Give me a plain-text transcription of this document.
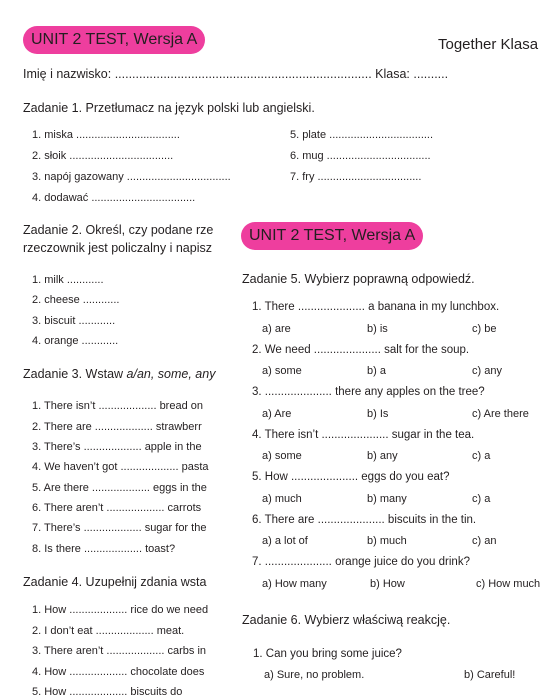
UNIT 2 TEST, Wersja A	Together Klasa
Imię i nazwisko: .......................................................................... Klasa: ..........
Zadanie 1. Przetłumacz na język polski lub angielski.
1. miska ..................................
2. słoik ..................................
3. napój gazowany ..................................
4. dodawać ..................................
5. plate ..................................
6. mug ..................................
7. fry ..................................
Zadanie 2. Określ, czy podane rze
rzeczownik jest policzalny i napisz
1. milk ............
2. cheese ............
3. biscuit ............
4. orange ............
Zadanie 3. Wstaw a/an, some, any
1. There isn’t ................... bread on
2. There are ................... strawberr
3. There’s ................... apple in the
4. We haven’t got ................... pasta
5. Are there ................... eggs in the
6. There aren’t ................... carrots
7. There’s ................... sugar for the
8. Is there ................... toast?
Zadanie 4. Uzupełnij zdania wsta
1. How ................... rice do we need
2. I don’t eat ................... meat.
3. There aren’t ................... carbs in
4. How ................... chocolate does
5. How ................... biscuits do
UNIT 2 TEST, Wersja A
Zadanie 5. Wybierz poprawną odpowiedź.
1. There ..................... a banana in my lunchbox.
a) are	b) is	c) be
2. We need ..................... salt for the soup.
a) some	b) a	c) any
3. ..................... there any apples on the tree?
a) Are	b) Is	c) Are there
4. There isn’t ..................... sugar in the tea.
a) some	b) any	c) a
5. How ..................... eggs do you eat?
a) much	b) many	c) a
6. There are ..................... biscuits in the tin.
a) a lot of	b) much	c) an
7. ..................... orange juice do you drink?
a) How many	b) How	c) How much
Zadanie 6. Wybierz właściwą reakcję.
1. Can you bring some juice?
a) Sure, no problem.	b) Careful!
